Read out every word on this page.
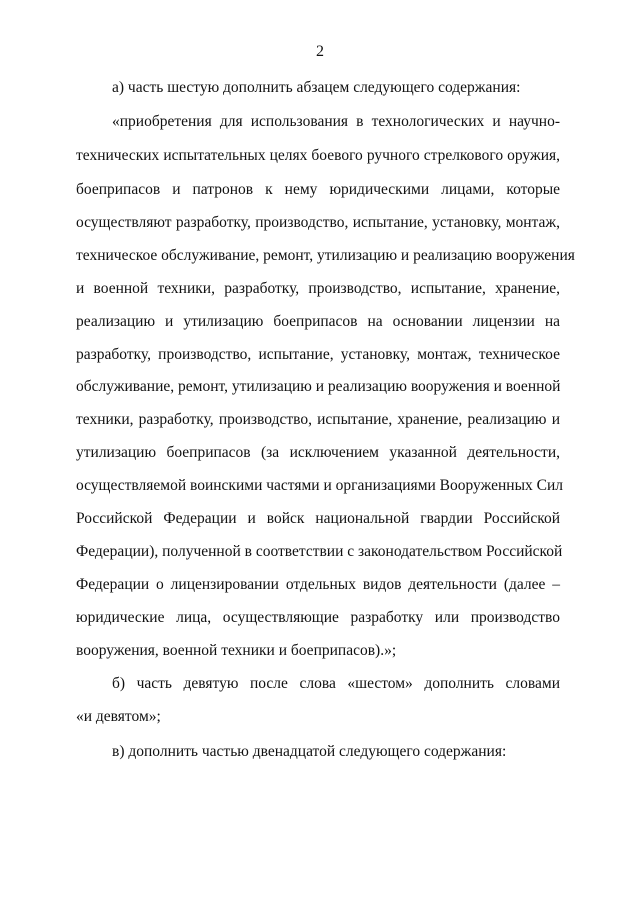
2
а) часть шестую дополнить абзацем следующего содержания:
«приобретения для использования в технологических и научно-
технических испытательных целях боевого ручного стрелкового оружия,
боеприпасов и патронов к нему юридическими лицами, которые
осуществляют разработку, производство, испытание, установку, монтаж,
техническое обслуживание, ремонт, утилизацию и реализацию вооружения
и военной техники, разработку, производство, испытание, хранение,
реализацию и утилизацию боеприпасов на основании лицензии на
разработку, производство, испытание, установку, монтаж, техническое
обслуживание, ремонт, утилизацию и реализацию вооружения и военной
техники, разработку, производство, испытание, хранение, реализацию и
утилизацию боеприпасов (за исключением указанной деятельности,
осуществляемой воинскими частями и организациями Вооруженных Сил
Российской Федерации и войск национальной гвардии Российской
Федерации), полученной в соответствии с законодательством Российской
Федерации о лицензировании отдельных видов деятельности (далее –
юридические лица, осуществляющие разработку или производство
вооружения, военной техники и боеприпасов).»;
б) часть девятую после слова «шестом» дополнить словами
«и девятом»;
в) дополнить частью двенадцатой следующего содержания:
